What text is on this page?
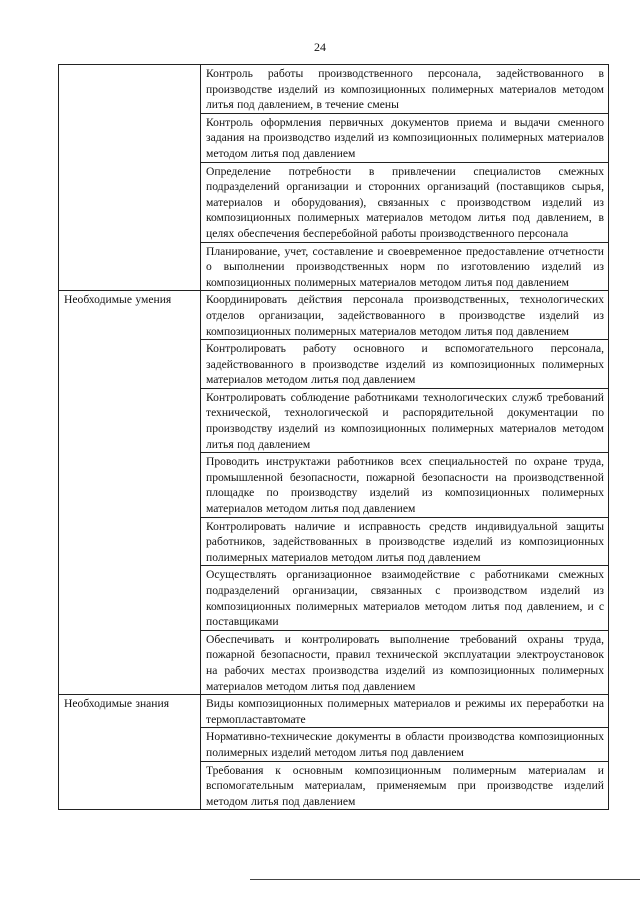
24
	Контроль работы производственного персонала, задействованного в производстве изделий из композиционных полимерных материалов методом литья под давлением, в течение смены
	Контроль оформления первичных документов приема и выдачи сменного задания на производство изделий из композиционных полимерных материалов методом литья под давлением
	Определение потребности в привлечении специалистов смежных подразделений организации и сторонних организаций (поставщиков сырья, материалов и оборудования), связанных с производством изделий из композиционных полимерных материалов методом литья под давлением, в целях обеспечения бесперебойной работы производственного персонала
	Планирование, учет, составление и своевременное предоставление отчетности о выполнении производственных норм по изготовлению изделий из композиционных полимерных материалов методом литья под давлением
Необходимые умения	Координировать действия персонала производственных, технологических отделов организации, задействованного в производстве изделий из композиционных полимерных материалов методом литья под давлением
	Контролировать работу основного и вспомогательного персонала, задействованного в производстве изделий из композиционных полимерных материалов методом литья под давлением
	Контролировать соблюдение работниками технологических служб требований технической, технологической и распорядительной документации по производству изделий из композиционных полимерных материалов методом литья под давлением
	Проводить инструктажи работников всех специальностей по охране труда, промышленной безопасности, пожарной безопасности на производственной площадке по производству изделий из композиционных полимерных материалов методом литья под давлением
	Контролировать наличие и исправность средств индивидуальной защиты работников, задействованных в производстве изделий из композиционных полимерных материалов методом литья под давлением
	Осуществлять организационное взаимодействие с работниками смежных подразделений организации, связанных с производством изделий из композиционных полимерных материалов методом литья под давлением, и с поставщиками
	Обеспечивать и контролировать выполнение требований охраны труда, пожарной безопасности, правил технической эксплуатации электроустановок на рабочих местах производства изделий из композиционных полимерных материалов методом литья под давлением
Необходимые знания	Виды композиционных полимерных материалов и режимы их переработки на термопластавтомате
	Нормативно-технические документы в области производства композиционных полимерных изделий методом литья под давлением
	Требования к основным композиционным полимерным материалам и вспомогательным материалам, применяемым при производстве изделий методом литья под давлением
